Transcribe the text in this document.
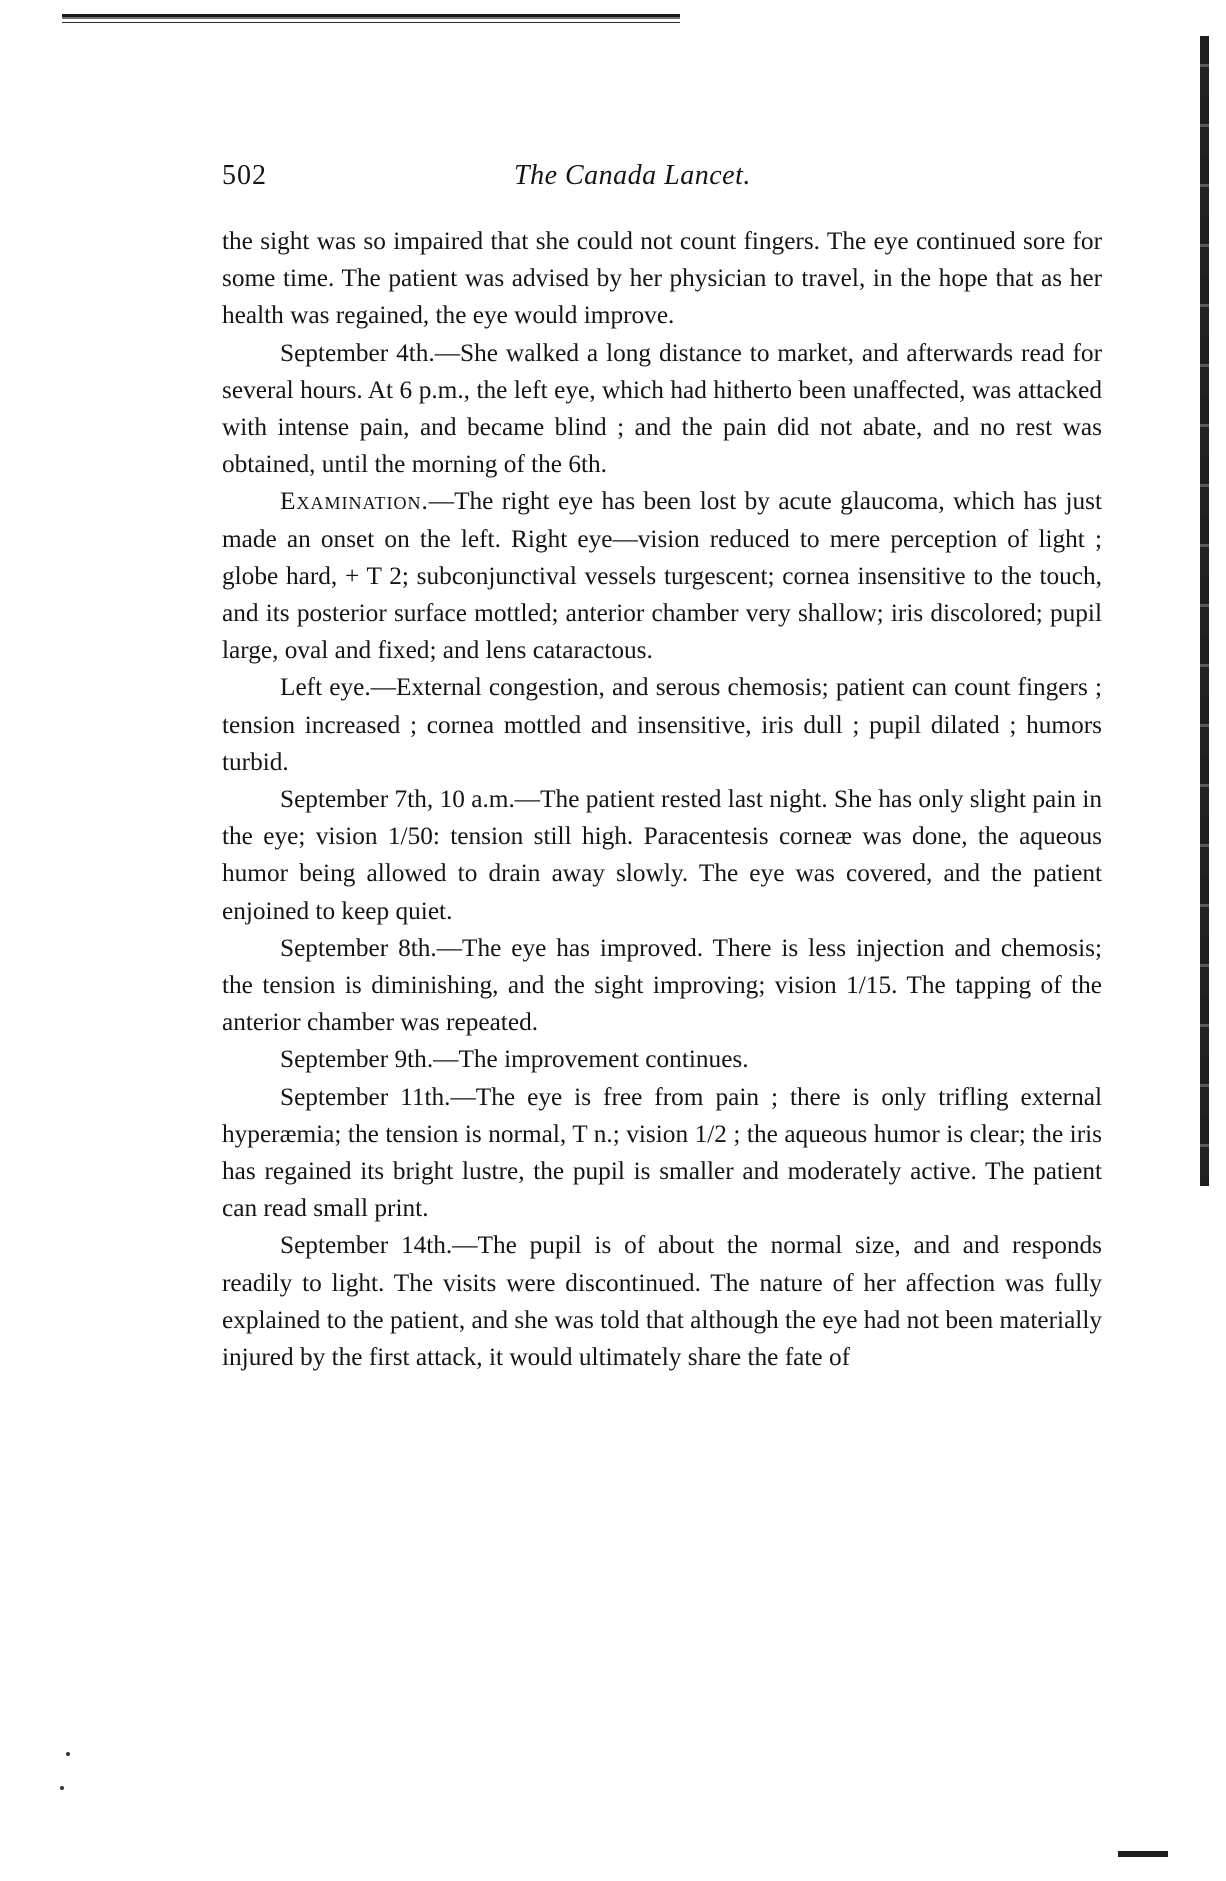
502	The Canada Lancet.

the sight was so impaired that she could not count fingers. The eye continued sore for some time. The patient was advised by her physician to travel, in the hope that as her health was regained, the eye would improve.

September 4th.—She walked a long distance to market, and afterwards read for several hours. At 6 p.m., the left eye, which had hitherto been unaffected, was attacked with intense pain, and became blind ; and the pain did not abate, and no rest was obtained, until the morning of the 6th.

Examination.—The right eye has been lost by acute glaucoma, which has just made an onset on the left. Right eye—vision reduced to mere perception of light ; globe hard, + T 2; subconjunctival vessels turgescent; cornea insensitive to the touch, and its posterior surface mottled; anterior chamber very shallow; iris discolored; pupil large, oval and fixed; and lens cataractous.

Left eye.—External congestion, and serous chemosis; patient can count fingers ; tension increased ; cornea mottled and insensitive, iris dull ; pupil dilated ; humors turbid.

September 7th, 10 a.m.—The patient rested last night. She has only slight pain in the eye; vision 1/50: tension still high. Paracentesis corneæ was done, the aqueous humor being allowed to drain away slowly. The eye was covered, and the patient enjoined to keep quiet.

September 8th.—The eye has improved. There is less injection and chemosis; the tension is diminishing, and the sight improving; vision 1/15. The tapping of the anterior chamber was repeated.

September 9th.—The improvement continues.

September 11th.—The eye is free from pain ; there is only trifling external hyperæmia; the tension is normal, T n.; vision 1/2 ; the aqueous humor is clear; the iris has regained its bright lustre, the pupil is smaller and moderately active. The patient can read small print.

September 14th.—The pupil is of about the normal size, and and responds readily to light. The visits were discontinued. The nature of her affection was fully explained to the patient, and she was told that although the eye had not been materially injured by the first attack, it would ultimately share the fate of
